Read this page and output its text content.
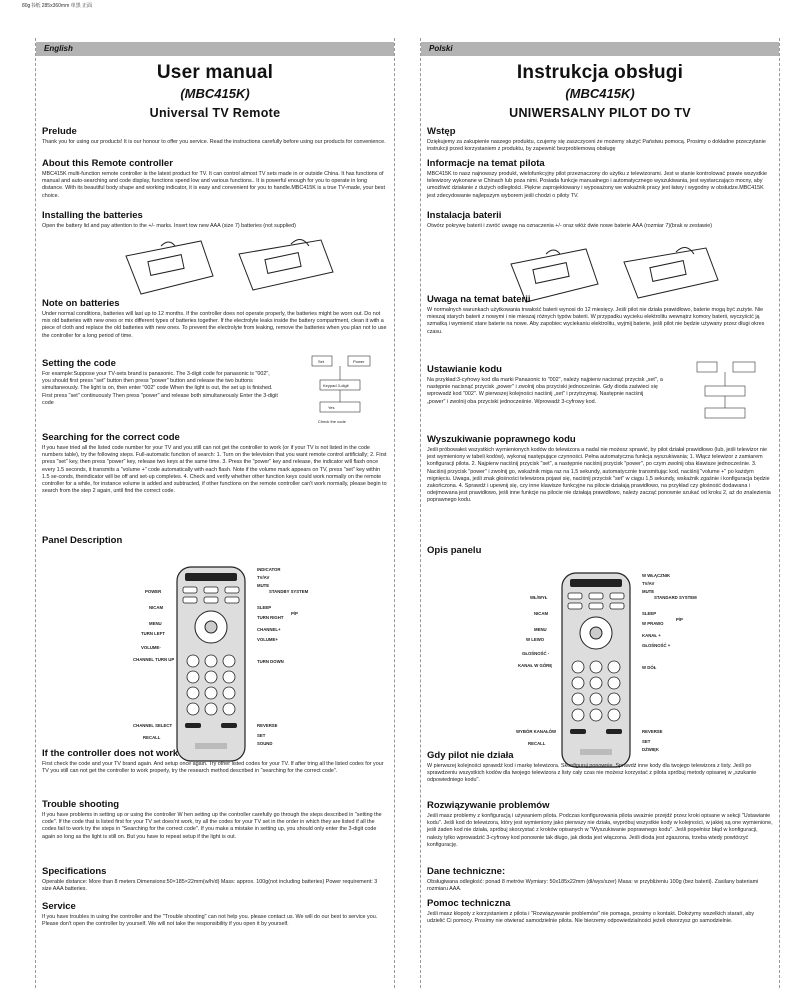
80g书纸 285x360mm 单黑 正面
English
User manual
(MBC415K)
Universal TV Remote
Prelude

Thank you for using our products! It is our honour to offer you service. Read the instructions carefully before using our products for convenience.

About this Remote controller

MBC415K multi-function remote controller is the latest product for TV. It can control almost TV sets made in or outside China. It has functions of manual and auto-searching and code display, functions spend low and various functions.. It is powerful enough for you to operate in long distance. With its beautiful body shape and working indicator, it is easy and convenient for you to handle.MBC415K is a true TV-made, your best choice.

Installing the batteries

Open the battery lid and pay attention to the +/- marks. Insert tow new AAA (size 7) batteries (not supplied)

Note on batteries

Under normal conditions, batteries will last up to 12 months. If the controller does not operate properly, the batteries might be worn out. Do not mix old batteries with new ones or mix different types of batteries together. If the electrolyte leaks inside the battery compartment, clean it with a piece of cloth and replace the old batteries with new ones. To prevent the electrolyte from leaking, remove the batteries when you plan not to use the controller for a long period of time.

Setting the code

For example:Suppose your TV-sets brand is panasonic. The 3-digit code for panasonic is "002", you should first press "set" button then press "power" button and release the two buttons simultaneously. The light is on, then enter "002" code When the light is out, the set up is finished. First press "set" continuously Then press "power" and release both simultaneously Enter the 3-digit code

Set	Power
Keypad 3-digit
Yes
Check the code
Searching for the correct code

If you have tried all the listed code number for your TV and you still can not get the controller to work (or if your TV is not listed in the code numbers table), try the following steps. Full-automatic function of search: 1. Turn on the television that you want remote control artificially; 2. First press "set" key, then press "power" key, release two keys at the same time. 3. Press the "power" key and release, the indicator will flash once every 1.5 seconds, it transmits a "volume +" code automatically with each flash. Note if the volume mark appears on TV, press "set" key within 1.5 se-conds, theindicator will be off and set-up completes. 4. Check and verify whether other function keys could work normally on the remote controller for a while, for instance volume is added and subtracted, if other functions on the remote controller can't work normally, please begin to search from the step 2 again, until find the correct code.

Panel Description
INDICATOR
TV/AV
MUTE
STANDBY SYSTEM
POWER
NICAM	SLEEP
P/P
MENU
TURN RIGHT
TURN LEFT
CHANNEL+
VOLUME-
VOLUME+
CHANNEL TURN UP	TURN DOWN
CHANNEL SELECT	REVERSE
RECALL	SET
SOUND
If the controller does not work

First check the code and your TV brand again. And setup once again. Try other listed codes for your TV. If after tring all the listed codes for your TV you still can not get the controller to work properly, try the research method described in "searching for the correct code".

Trouble shooting

If you have problems in setting up or using the controller W hen setting up the controller carefully go through the steps described in "setting the code". If the code that is listed first for your TV set does'nt work, try all the codes for your TV set in the order in which they are listed if all the codes fail to work try the steps in "Searching for the correct code". If you make a mistake in setting up, you should only enter the 3-digit code again so long as the light is still on. But you have to repeat setup if the light is out.

Specifications

Operable distance: More than 8 meters Dimensions:50×185×22mm(w/h/d) Mass: approx. 100g(not including batteries) Power requirement: 3 size AAA batteries.

Service

If you have troubles in using the controller and the "Trouble shooting" can not help you. please contact us. We will do our best to service you. Please don't open the controller by yourself. We will not take the responsibility if you open it by yourself.

Polski
Instrukcja obsługi
(MBC415K)
UNIWERSALNY PILOT DO TV
Wstęp

Dziękujemy za zakupienie naszego produktu, czujemy się zaszczyceni że możemy służyć Państwu pomocą. Prosimy o dokładne przeczytanie instrukcji przed korzystaniem z produktu, by zapewnić bezproblemową obsługę

Informacje na temat pilota

MBC415K to nasz najnowszy produkt, wielofunkcyjny pilot przeznaczony do użytku z telewizorami. Jest w stanie kontrolować prawie wszystkie telewizory wykonane w Chinach lub poza nimi. Posiada funkcje manualnego i automatycznego wyszukiwania, jest wystarczająco mocny, aby umożliwić działanie z dużych odległości. Piękne zaprojektowany i wyposażony we wskaźnik pracy jest łatwy i wygodny w obsłudze.MBC415K jest zdecydowanie najlepszym wyborem jeśli chodzi o piloty TV.

Instalacja baterii

Otwórz pokrywę baterii i zwróć uwagę na oznaczenia +/- oraz włóż dwie nowe baterie AAA (rozmiar 7)(brak w zestawie)

Uwaga na temat baterii

W normalnych warunkach użytkowania trwałość baterii wynosi do 12 miesięcy. Jeśli pilot nie działa prawidłowo, baterie mogą być zużyte. Nie mieszaj starych baterii z nowymi i nie mieszaj różnych typów baterii. W przypadku wycieku elektrolitu wewnątrz komory baterii, wyczyścić ją szmatką i wymienić stare baterie na nowe. Aby zapobiec wyciekaniu elektrolitu, wyjmij baterie, jeśli pilot nie będzie używany przez długi okres czasu.

Ustawianie kodu

Na przykład:3-cyfrowy kod dla marki Panasonic to "002", należy najpierw nacisnąć przycisk „set", a następnie nacisnąć przycisk „power" i zwolnij oba przyciski jednocześnie. Gdy dioda zaświeci się wprowadź kod "002". W pierwszej kolejności naciśnij „set" i przytrzymaj. Następnie naciśnij „power" i zwolnij oba przyciski jednocześnie. Wprowadź 3-cyfrowy kod.

Wyszukiwanie poprawnego kodu

Jeśli próbowałeś wszystkich wymienionych kodów do telewizora a nadal nie możesz sprawić, by pilot działał prawidłowo (lub, jeśli telewizor nie jest wymieniony w tabeli kodów), wykonaj następujące czynności. Pełna automatyczna funkcja wyszukiwania; 1. Włącz telewizor z zamiarem konfiguracji pilota. 2. Najpierw naciśnij przycisk "set", a następnie naciśnij przycisk "power", po czym zwolnij oba klawisze jednocześnie. 3. Naciśnij przycisk "power" i zwolnij go, wskaźnik miga raz na 1,5 sekundy, automatycznie transmitując kod, naciśnij "volume +" po każdym mignięciu. Uwaga, jeśli znak głośności telewizora pojawi się, naciśnij przycisk "set" w ciągu 1,5 sekundy, wskaźnik zgaśnie i konfiguracja będzie zakończona. 4. Sprawdź i upewnij się, czy inne klawisze funkcyjne na pilocie działają prawidłowo, na przykład czy głośność dodawana i odejmowana jest prawidłowo, jeśli inne funkcje na pilocie nie działają prawidłowo, należy zacząć ponownie szukać od kroku 2, aż do znalezienia poprawnego kodu.

Opis panelu
W WŁĄCZNIK
TV/AV
MUTE
STANDARD SYSTEM
WŁ/WYŁ
NICAM	SLEEP
P/P
MENU
W PRAWO
W LEWO
KANAŁ +
GŁOŚNOŚĆ -
GŁOŚNOŚĆ +
KANAŁ W GÓRĘ	W DÓŁ
WYBÓR KANAŁÓW	REVERSE
RECALL	SET
DŹWIĘK
Gdy pilot nie działa

W pierwszej kolejności sprawdź kod i markę telewizora. Skonfiguruj ponownie. Sprawdź inne kody dla twojego telewizora z listy. Jeśli po sprawdzeniu wszystkich kodów dla twojego telewizora z listy cały czas nie możesz korzystać z pilota spróbuj metody opisanej w „szukanie odpowiedniego kodu".

Rozwiązywanie problemów

Jeśli masz problemy z konfiguracją i używaniem pilota. Podczas konfigurowania pilota uważnie przejdź przez kroki opisane w sekcji "Ustawianie kodu". Jeśli kod do telewizora, który jest wymieniony jako pierwszy nie działa, wypróbuj wszystkie kody w kolejności, w jakiej są one wymienione, jeśli żaden kod nie działa, spróbuj skorzystać z kroków opisanych w "Wyszukiwanie poprawnego kodu". Jeśli popełnisz błąd w konfiguracji, należy tylko wprowadzić 3-cyfrowy kod ponownie tak długo, jak dioda jest włączona. Jeśli dioda jest zgaszona, trzeba wtedy powtórzyć konfigurację.

Dane techniczne:

Obsługiwana odległość: ponad 8 metrów Wymiary: 50x185x22mm (dł/wys/szer) Masa: w przybliżeniu 100g (bez baterii). Zasilany bateriami rozmiaru AAA.

Pomoc techniczna

Jeśli masz kłopoty z korzystaniem z pilota i "Rozwiązywanie problemów" nie pomaga, prosimy o kontakt. Dołożymy wszelkich starań, aby udzielić Ci pomocy. Prosimy nie otwierać samodzielnie pilota. Nie bierzemy odpowiedzialności jeżeli otworzysz go samodzielnie.
